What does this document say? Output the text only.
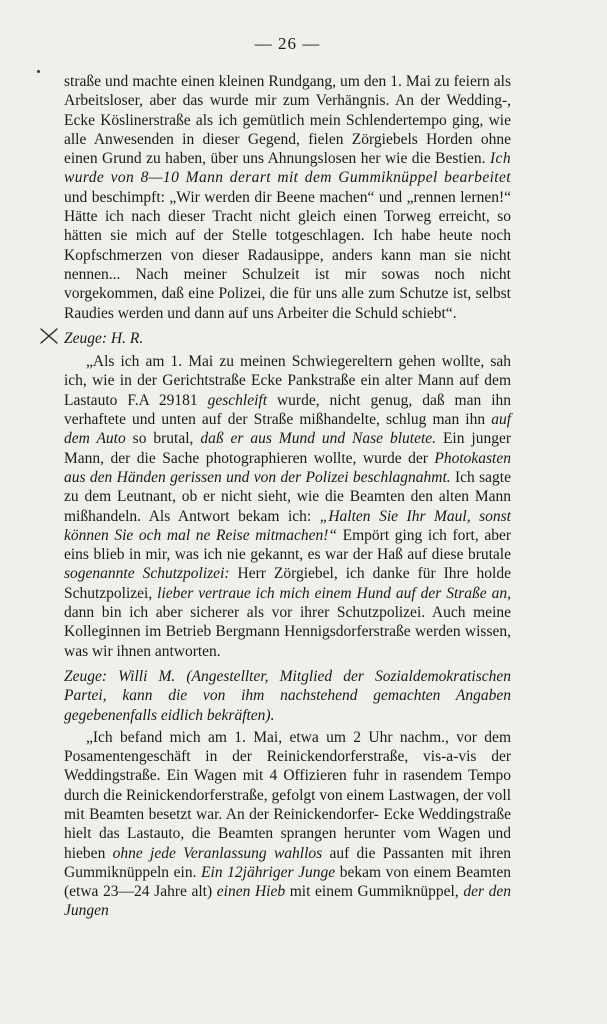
— 26 —

straße und machte einen kleinen Rundgang, um den 1. Mai zu feiern als Arbeitsloser, aber das wurde mir zum Verhängnis. An der Wedding-, Ecke Köslinerstraße als ich gemütlich mein Schlendertempo ging, wie alle Anwesenden in dieser Gegend, fielen Zörgiebels Horden ohne einen Grund zu haben, über uns Ahnungslosen her wie die Bestien. Ich wurde von 8—10 Mann derart mit dem Gummiknüppel bearbeitet und beschimpft: „Wir werden dir Beene machen“ und „rennen lernen!“ Hätte ich nach dieser Tracht nicht gleich einen Torweg erreicht, so hätten sie mich auf der Stelle totgeschlagen. Ich habe heute noch Kopfschmerzen von dieser Radausippe, anders kann man sie nicht nennen... Nach meiner Schulzeit ist mir sowas noch nicht vorgekommen, daß eine Polizei, die für uns alle zum Schutze ist, selbst Raudies werden und dann auf uns Arbeiter die Schuld schiebt“.

Zeuge: H. R.

„Als ich am 1. Mai zu meinen Schwiegereltern gehen wollte, sah ich, wie in der Gerichtstraße Ecke Pankstraße ein alter Mann auf dem Lastauto F.A 29181 geschleift wurde, nicht genug, daß man ihn verhaftete und unten auf der Straße mißhandelte, schlug man ihn auf dem Auto so brutal, daß er aus Mund und Nase blutete. Ein junger Mann, der die Sache photographieren wollte, wurde der Photokasten aus den Händen gerissen und von der Polizei beschlagnahmt. Ich sagte zu dem Leutnant, ob er nicht sieht, wie die Beamten den alten Mann mißhandeln. Als Antwort bekam ich: „Halten Sie Ihr Maul, sonst können Sie och mal ne Reise mitmachen!“ Empört ging ich fort, aber eins blieb in mir, was ich nie gekannt, es war der Haß auf diese brutale sogenannte Schutzpolizei: Herr Zörgiebel, ich danke für Ihre holde Schutzpolizei, lieber vertraue ich mich einem Hund auf der Straße an, dann bin ich aber sicherer als vor ihrer Schutzpolizei. Auch meine Kolleginnen im Betrieb Bergmann Hennigsdorferstraße werden wissen, was wir ihnen antworten.

Zeuge: Willi M. (Angestellter, Mitglied der Sozialdemokratischen Partei, kann die von ihm nachstehend gemachten Angaben gegebenenfalls eidlich bekräften).

„Ich befand mich am 1. Mai, etwa um 2 Uhr nachm., vor dem Posamentengeschäft in der Reinickendorferstraße, vis-a-vis der Weddingstraße. Ein Wagen mit 4 Offizieren fuhr in rasendem Tempo durch die Reinickendorferstraße, gefolgt von einem Lastwagen, der voll mit Beamten besetzt war. An der Reinickendorfer- Ecke Weddingstraße hielt das Lastauto, die Beamten sprangen herunter vom Wagen und hieben ohne jede Veranlassung wahllos auf die Passanten mit ihren Gummiknüppeln ein. Ein 12jähriger Junge bekam von einem Beamten (etwa 23—24 Jahre alt) einen Hieb mit einem Gummiknüppel, der den Jungen
